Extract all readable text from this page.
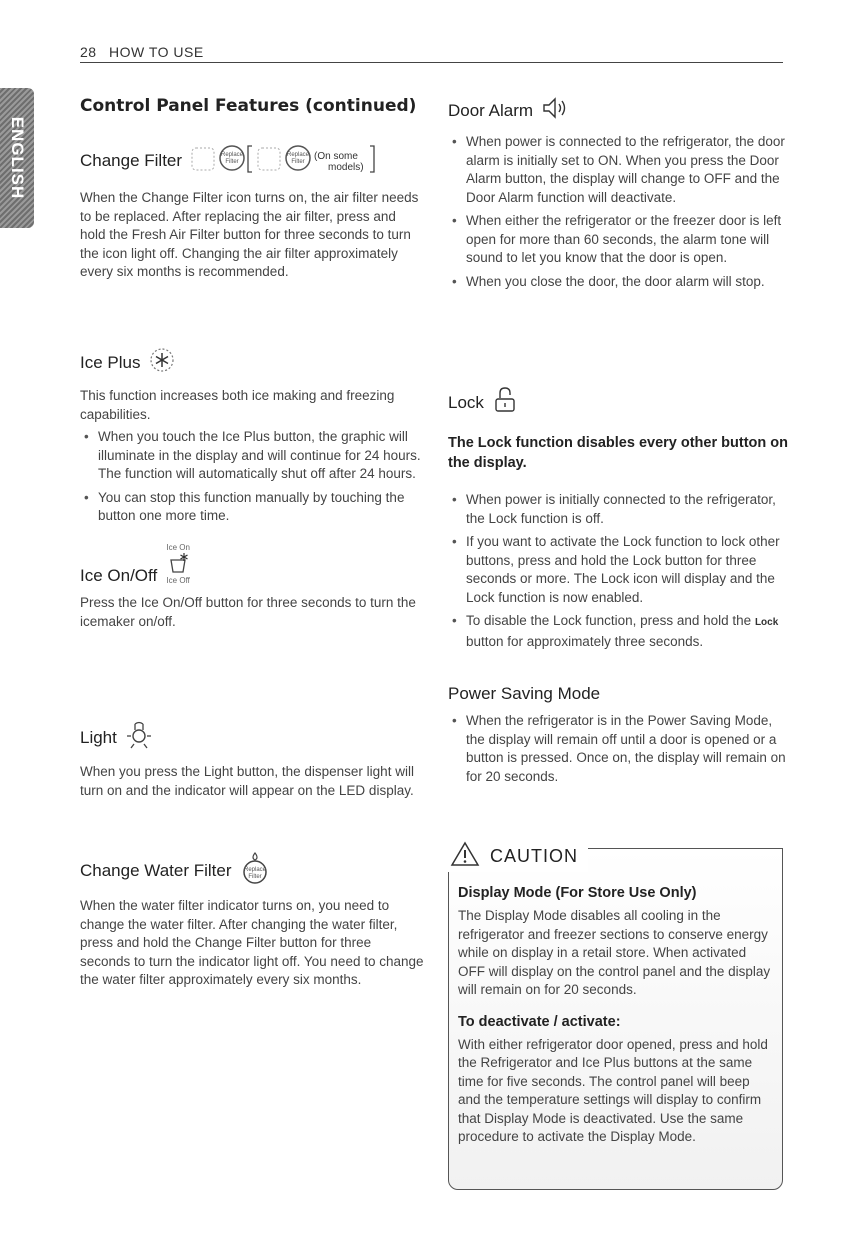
28 HOW TO USE
ENGLISH
Control Panel Features (continued)
Change Filter	Replace
Filter
Replace
Filter (On some
models)

When the Change Filter icon turns on, the air filter needs to be replaced. After replacing the air filter, press and hold the Fresh Air Filter button for three seconds to turn the icon light off. Changing the air filter approximately every six months is recommended.

Ice Plus

This function increases both ice making and freezing capabilities.

• When you touch the Ice Plus button, the graphic will illuminate in the display and will continue for 24 hours. The function will automatically shut off after 24 hours.
• You can stop this function manually by touching the button one more time.
Ice On/Off
Ice On
Ice Off

Press the Ice On/Off button for three seconds to turn the icemaker on/off.

Light

When you press the Light button, the dispenser light will turn on and the indicator will appear on the LED display.

Change Water Filter Replace
Filter

When the water filter indicator turns on, you need to change the water filter. After changing the water filter, press and hold the Change Filter button for three seconds to turn the indicator light off. You need to change the water filter approximately every six months.

Door Alarm
• When power is connected to the refrigerator, the door alarm is initially set to ON. When you press the Door Alarm button, the display will change to OFF and the Door Alarm function will deactivate.
• When either the refrigerator or the freezer door is left open for more than 60 seconds, the alarm tone will sound to let you know that the door is open.
• When you close the door, the door alarm will stop.
Lock

The Lock function disables every other button on the display.

• When power is initially connected to the refrigerator, the Lock function is off.
• If you want to activate the Lock function to lock other buttons, press and hold the Lock button for three seconds or more. The Lock icon will display and the Lock function is now enabled.
• To disable the Lock function, press and hold the Lock button for approximately three seconds.
Power Saving Mode
• When the refrigerator is in the Power Saving Mode, the display will remain off until a door is opened or a button is pressed. Once on, the display will remain on for 20 seconds.
CAUTION
Display Mode (For Store Use Only)

The Display Mode disables all cooling in the refrigerator and freezer sections to conserve energy while on display in a retail store. When activated OFF will display on the control panel and the display will remain on for 20 seconds.

To deactivate / activate:

With either refrigerator door opened, press and hold the Refrigerator and Ice Plus buttons at the same time for five seconds. The control panel will beep and the temperature settings will display to confirm that Display Mode is deactivated. Use the same procedure to activate the Display Mode.
